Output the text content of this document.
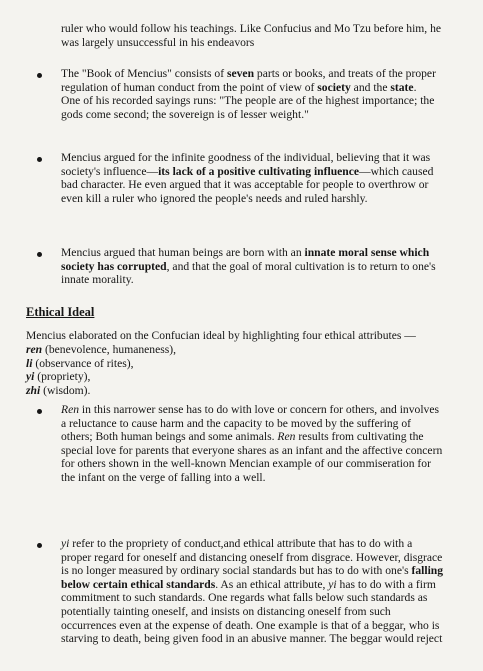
ruler who would follow his teachings. Like Confucius and Mo Tzu before him, he
was largely unsuccessful in his endeavors
The "Book of Mencius" consists of seven parts or books, and treats of the proper
regulation of human conduct from the point of view of society and the state.
One of his recorded sayings runs: "The people are of the highest importance; the
gods come second; the sovereign is of lesser weight."
Mencius argued for the infinite goodness of the individual, believing that it was
society's influence—its lack of a positive cultivating influence—which caused
bad character. He even argued that it was acceptable for people to overthrow or
even kill a ruler who ignored the people's needs and ruled harshly.
Mencius argued that human beings are born with an innate moral sense which
society has corrupted, and that the goal of moral cultivation is to return to one's
innate morality.
Ethical Ideal
Mencius elaborated on the Confucian ideal by highlighting four ethical attributes —
ren (benevolence, humaneness),
li (observance of rites),
yi (propriety),
zhi (wisdom).
Ren in this narrower sense has to do with love or concern for others, and involves
a reluctance to cause harm and the capacity to be moved by the suffering of
others; Both human beings and some animals. Ren results from cultivating the
special love for parents that everyone shares as an infant and the affective concern
for others shown in the well-known Mencian example of our commiseration for
the infant on the verge of falling into a well.
yi refer to the propriety of conduct,and ethical attribute that has to do with a
proper regard for oneself and distancing oneself from disgrace. However, disgrace
is no longer measured by ordinary social standards but has to do with one's falling
below certain ethical standards. As an ethical attribute, yi has to do with a firm
commitment to such standards. One regards what falls below such standards as
potentially tainting oneself, and insists on distancing oneself from such
occurrences even at the expense of death. One example is that of a beggar, who is
starving to death, being given food in an abusive manner. The beggar would reject
